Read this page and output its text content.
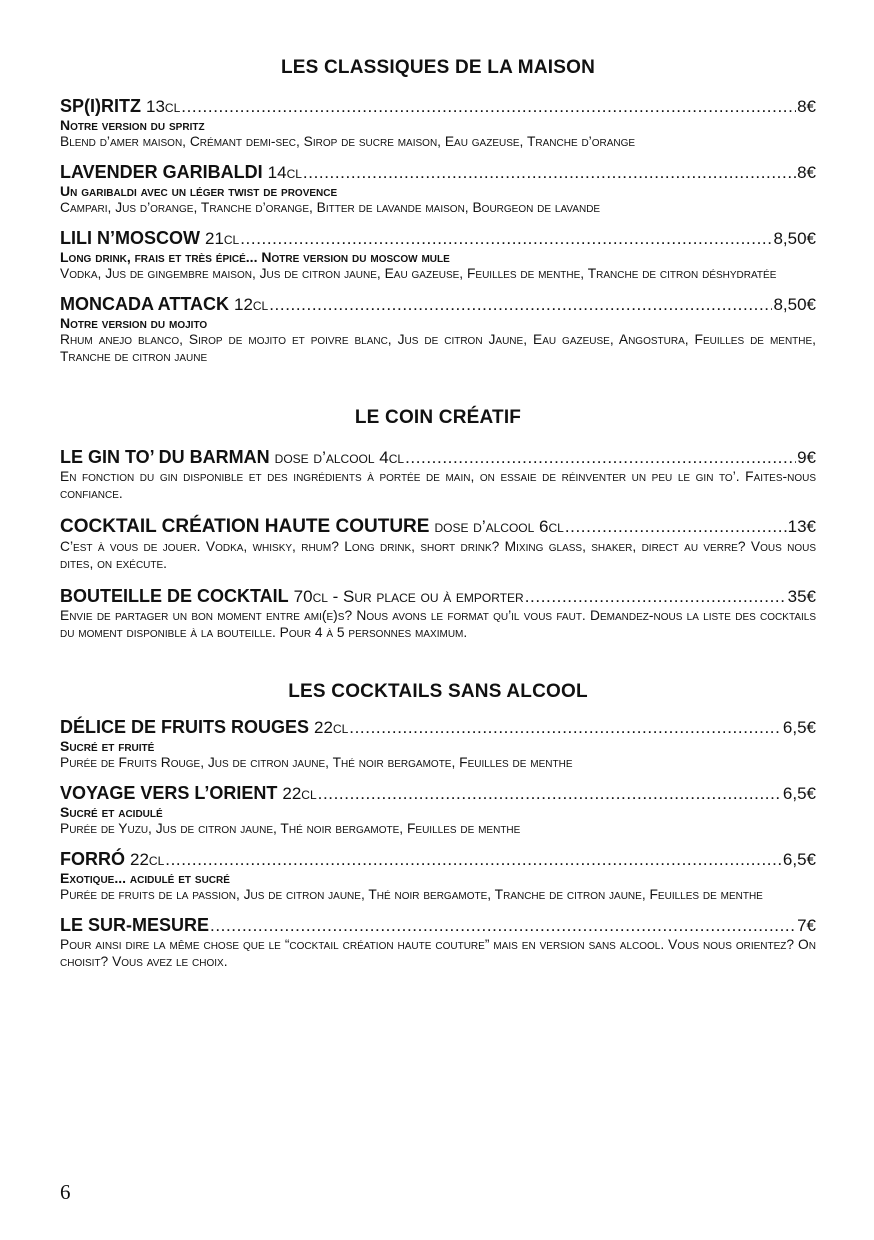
LES CLASSIQUES DE LA MAISON
SP(I)RITZ 13cl .....	8€
Notre version du spritz
Blend d’amer maison, Crémant demi-sec, Sirop de sucre maison, Eau gazeuse, Tranche d’orange
LAVENDER GARIBALDI 14cl .....	8€
Un garibaldi avec un léger twist de provence
Campari, Jus d’orange, Tranche d’orange, Bitter de lavande maison, Bourgeon de lavande
LILI N’MOSCOW 21cl .....	8,50€
Long drink, frais et très épicé... Notre version du moscow mule
Vodka, Jus de gingembre maison, Jus de citron jaune, Eau gazeuse, Feuilles de menthe, Tranche de citron déshydratée
MONCADA ATTACK 12cl .....	8,50€
Notre version du mojito
Rhum anejo blanco, Sirop de mojito et poivre blanc, Jus de citron Jaune, Eau gazeuse, Angostura, Feuilles de menthe, Tranche de citron jaune
LE COIN CRÉATIF
LE GIN TO’ DU BARMAN dose d’alcool 4cl .....	9€
En fonction du gin disponible et des ingrédients à portée de main, on essaie de réinventer un peu le gin to’. Faites-nous confiance.
COCKTAIL CRÉATION HAUTE COUTURE dose d’alcool 6cl .....	13€
C’est à vous de jouer. Vodka, whisky, rhum? Long drink, short drink? Mixing glass, shaker, direct au verre? Vous nous dites, on exécute.
BOUTEILLE DE COCKTAIL 70cl - Sur place ou à emporter .....	35€
Envie de partager un bon moment entre ami(e)s? Nous avons le format qu’il vous faut. Demandez-nous la liste des cocktails du moment disponible à la bouteille. Pour 4 à 5 personnes maximum.
LES COCKTAILS SANS ALCOOL
DÉLICE DE FRUITS ROUGES 22cl .....	6,5€
Sucré et fruité
Purée de Fruits Rouge, Jus de citron jaune, Thé noir bergamote, Feuilles de menthe
VOYAGE VERS L’ORIENT 22cl .....	6,5€
Sucré et acidulé
Purée de Yuzu, Jus de citron jaune, Thé noir bergamote, Feuilles de menthe
FORRÓ 22cl .....	6,5€
Exotique... acidulé et sucré
Purée de fruits de la passion, Jus de citron jaune, Thé noir bergamote, Tranche de citron jaune, Feuilles de menthe
LE SUR-MESURE .....	7€
Pour ainsi dire la même chose que le “cocktail création haute couture” mais en version sans alcool. Vous nous orientez? On choisit? Vous avez le choix.
6
